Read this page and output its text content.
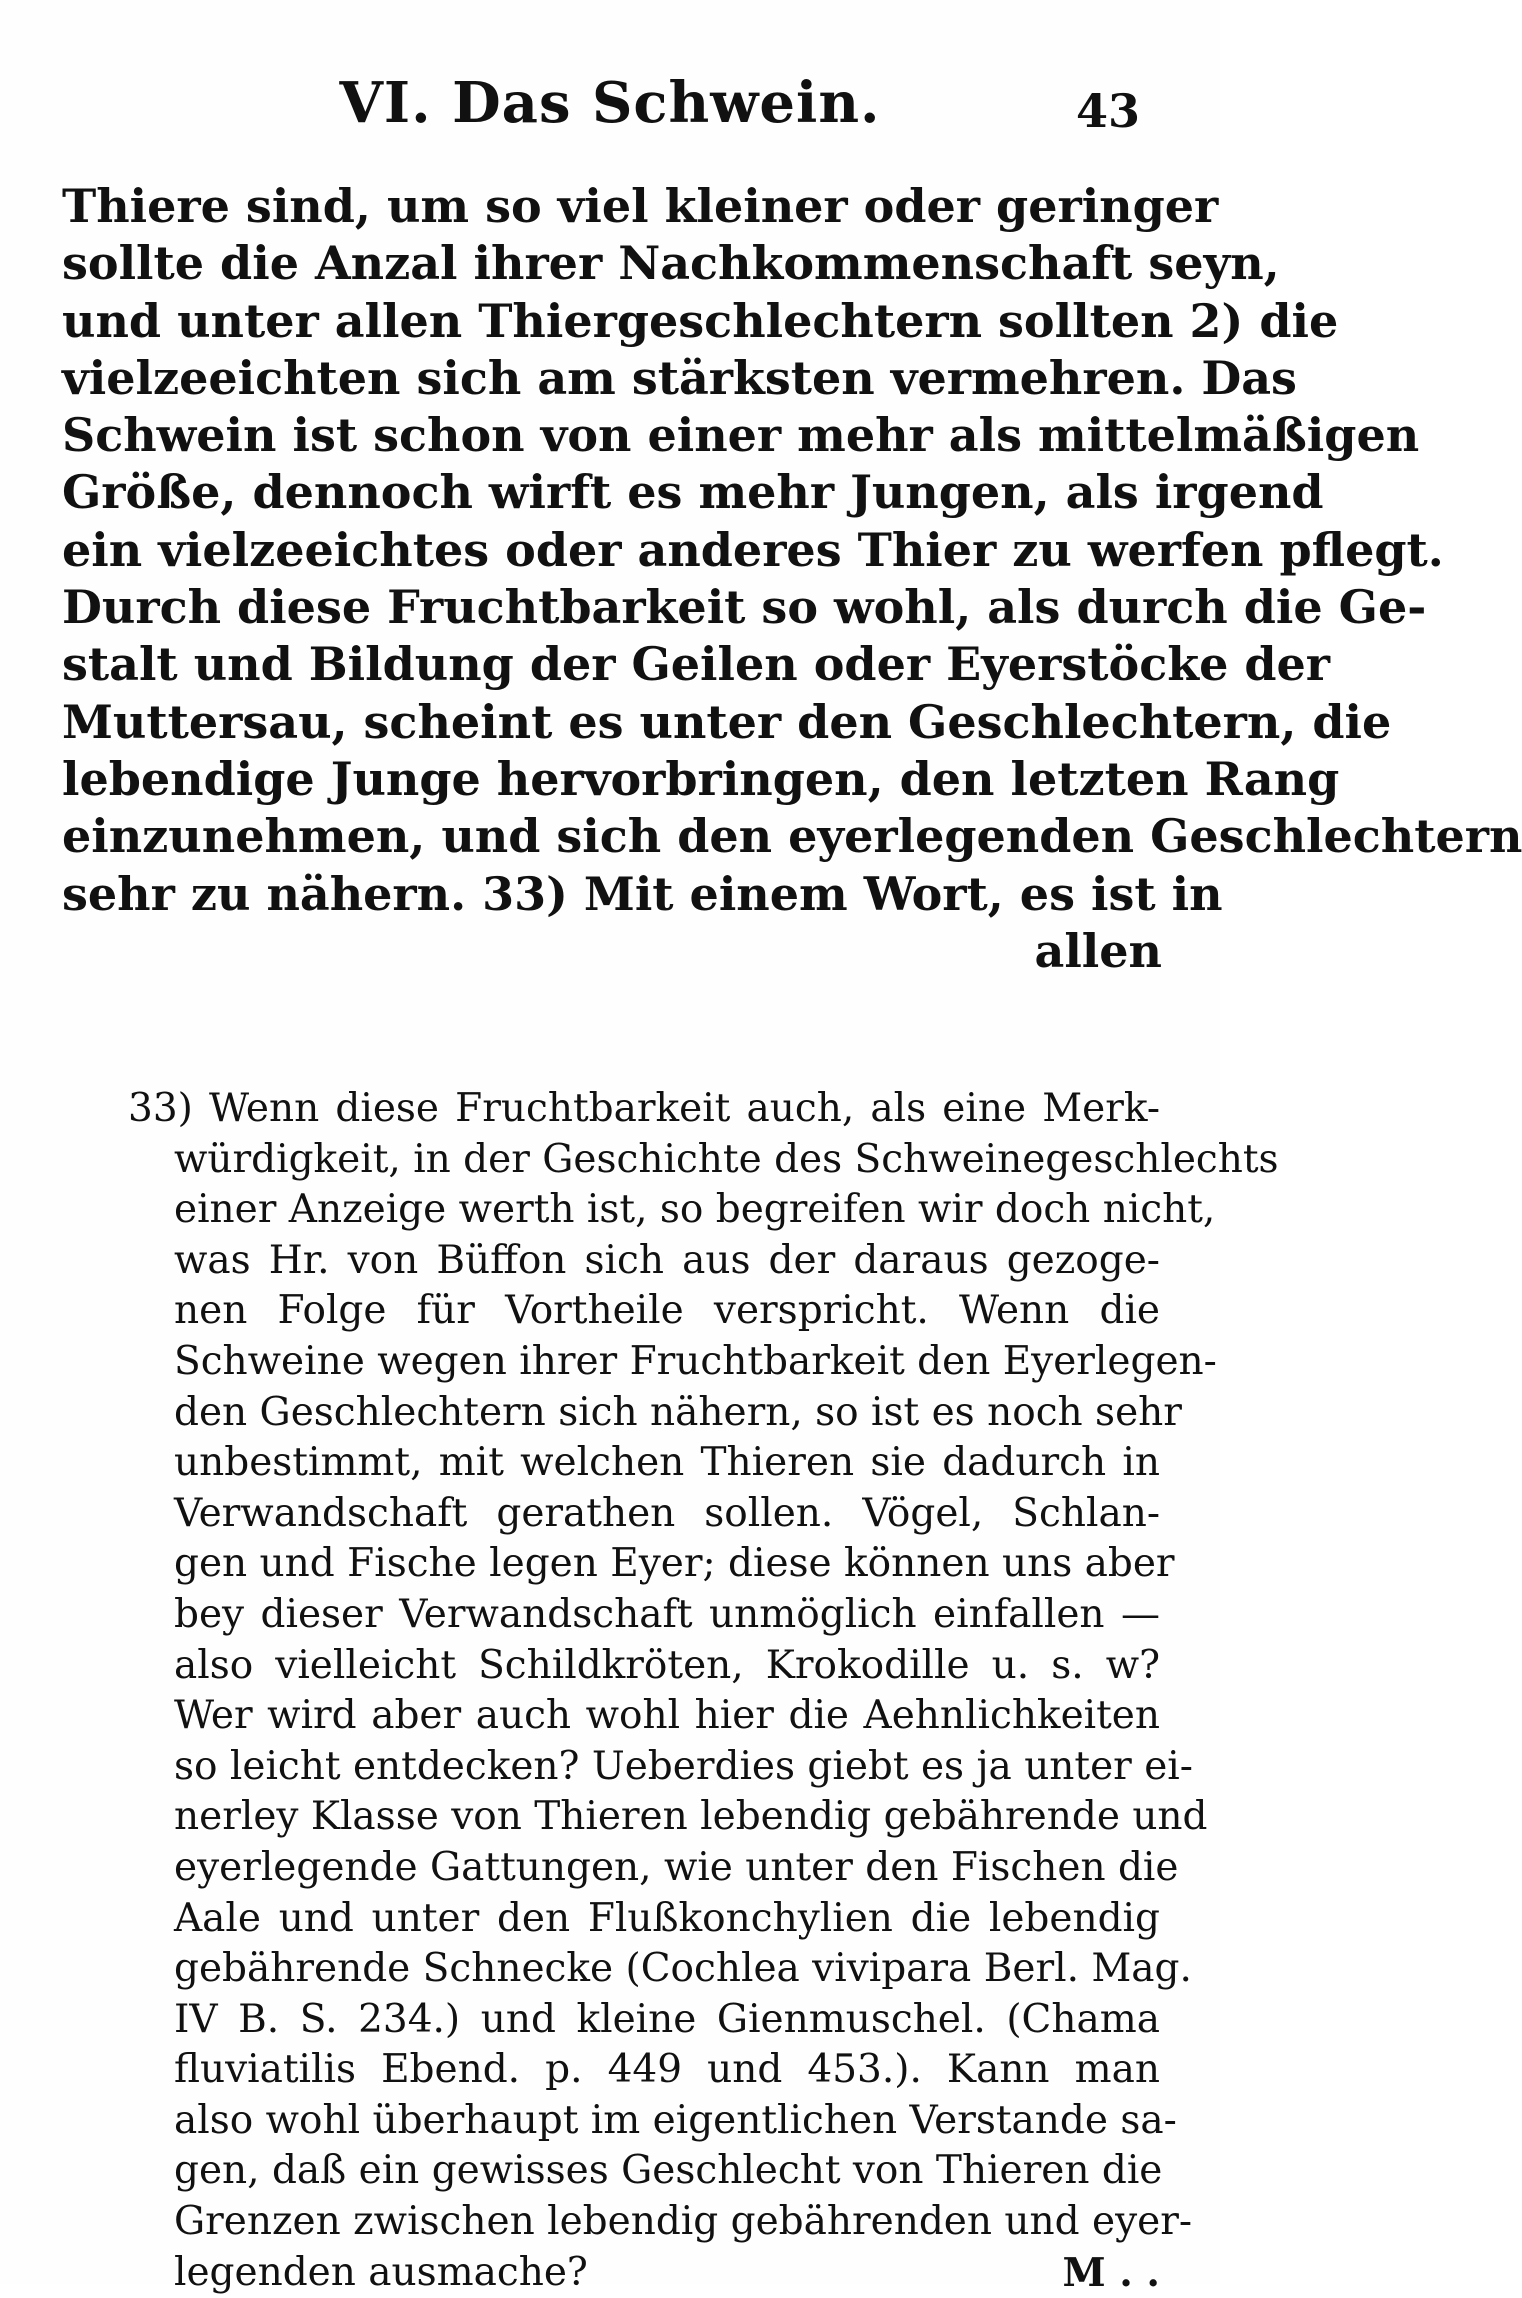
VI. Das Schwein.	43
Thiere sind, um so viel kleiner oder geringer
sollte die Anzal ihrer Nachkommenschaft seyn,
und unter allen Thiergeschlechtern sollten 2) die
vielzeeichten sich am stärksten vermehren. Das
Schwein ist schon von einer mehr als mittelmäßigen
Größe, dennoch wirft es mehr Jungen, als irgend
ein vielzeeichtes oder anderes Thier zu werfen pflegt.
Durch diese Fruchtbarkeit so wohl, als durch die Ge-
stalt und Bildung der Geilen oder Eyerstöcke der
Muttersau, scheint es unter den Geschlechtern, die
lebendige Junge hervorbringen, den letzten Rang
einzunehmen, und sich den eyerlegenden Geschlechtern
sehr zu nähern. 33) Mit einem Wort, es ist in
allen
33) Wenn diese Fruchtbarkeit auch, als eine Merk-
würdigkeit, in der Geschichte des Schweinegeschlechts
einer Anzeige werth ist, so begreifen wir doch nicht,
was Hr. von Büffon sich aus der daraus gezoge-
nen Folge für Vortheile verspricht. Wenn die
Schweine wegen ihrer Fruchtbarkeit den Eyerlegen-
den Geschlechtern sich nähern, so ist es noch sehr
unbestimmt, mit welchen Thieren sie dadurch in
Verwandschaft gerathen sollen. Vögel, Schlan-
gen und Fische legen Eyer; diese können uns aber
bey dieser Verwandschaft unmöglich einfallen —
also vielleicht Schildkröten, Krokodille u. s. w?
Wer wird aber auch wohl hier die Aehnlichkeiten
so leicht entdecken? Ueberdies giebt es ja unter ei-
nerley Klasse von Thieren lebendig gebährende und
eyerlegende Gattungen, wie unter den Fischen die
Aale und unter den Flußkonchylien die lebendig
gebährende Schnecke (Cochlea vivipara Berl. Mag.
IV B. S. 234.) und kleine Gienmuschel. (Chama
fluviatilis Ebend. p. 449 und 453.). Kann man
also wohl überhaupt im eigentlichen Verstande sa-
gen, daß ein gewisses Geschlecht von Thieren die
Grenzen zwischen lebendig gebährenden und eyer-
legenden ausmache?	M . .
